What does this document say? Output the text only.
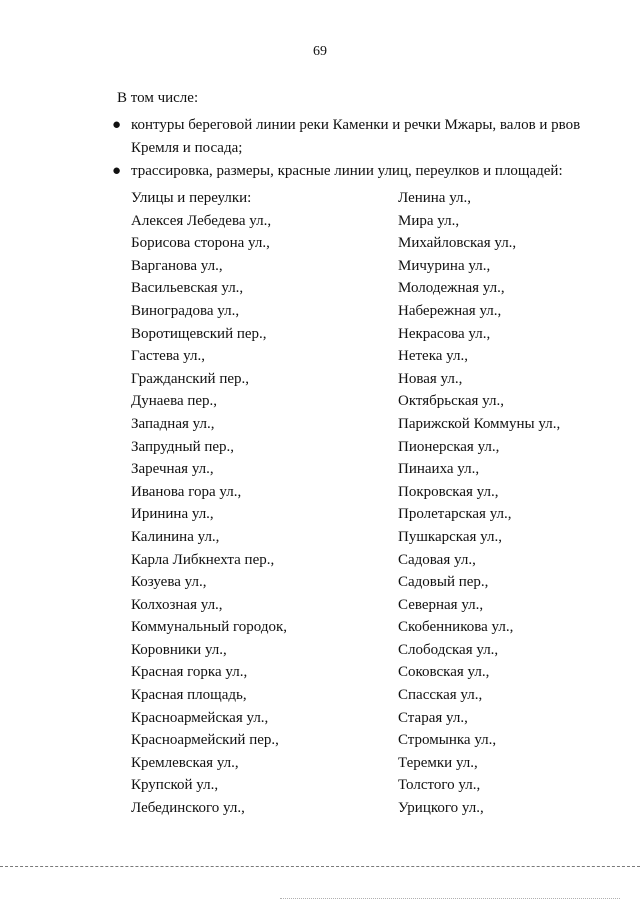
69
В том числе:
● контуры береговой линии реки Каменки и речки Мжары, валов и рвов Кремля и посада;
● трассировка, размеры, красные линии улиц, переулков и площадей:
Улицы и переулки:
Алексея Лебедева ул.,
Борисова сторона ул.,
Варганова ул.,
Васильевская ул.,
Виноградова ул.,
Воротищевский пер.,
Гастева ул.,
Гражданский пер.,
Дунаева пер.,
Западная ул.,
Запрудный пер.,
Заречная ул.,
Иванова гора ул.,
Иринина ул.,
Калинина ул.,
Карла Либкнехта пер.,
Козуева ул.,
Колхозная ул.,
Коммунальный городок,
Коровники ул.,
Красная горка ул.,
Красная площадь,
Красноармейская ул.,
Красноармейский пер.,
Кремлевская ул.,
Крупской ул.,
Лебединского ул.,
Ленина ул.,
Мира ул.,
Михайловская ул.,
Мичурина ул.,
Молодежная ул.,
Набережная ул.,
Некрасова ул.,
Нетека ул.,
Новая ул.,
Октябрьская ул.,
Парижской Коммуны ул.,
Пионерская ул.,
Пинаиха ул.,
Покровская ул.,
Пролетарская ул.,
Пушкарская ул.,
Садовая ул.,
Садовый пер.,
Северная ул.,
Скобенникова ул.,
Слободская ул.,
Соковская ул.,
Спасская ул.,
Старая ул.,
Стромынка ул.,
Теремки ул.,
Толстого ул.,
Урицкого ул.,
